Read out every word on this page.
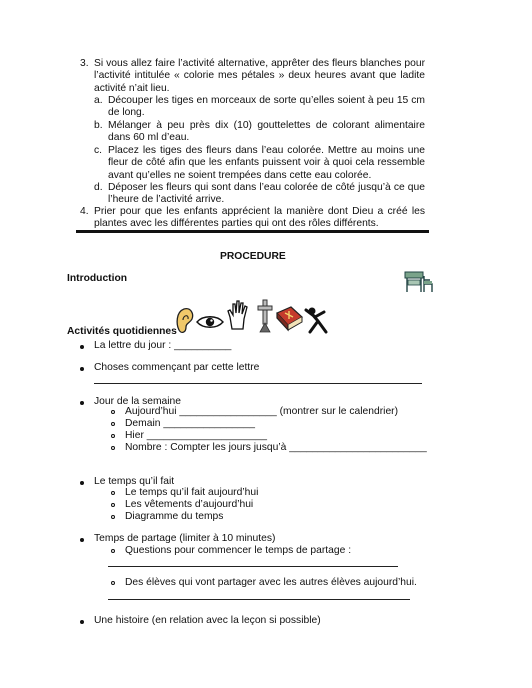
3. Si vous allez faire l’activité alternative, apprêter des fleurs blanches pour l’activité intitulée « colorie mes pétales » deux heures avant que ladite activité n’ait lieu.
a. Découper les tiges en morceaux de sorte qu’elles soient à peu 15 cm de long.
b. Mélanger à peu près dix (10) gouttelettes de colorant alimentaire dans 60 ml d’eau.
c. Placez les tiges des fleurs dans l’eau colorée. Mettre au moins une fleur de côté afin que les enfants puissent voir à quoi cela ressemble avant qu’elles ne soient trempées dans cette eau colorée.
d. Déposer les fleurs qui sont dans l’eau colorée de côté jusqu’à ce que l’heure de l’activité arrive.
4. Prier pour que les enfants apprécient la manière dont Dieu a créé les plantes avec les différentes parties qui ont des rôles différents.
PROCEDURE
Introduction
Activités quotidiennes
La lettre du jour : __________
Choses commençant par cette lettre
Jour de la semaine
Aujourd’hui _________________ (montrer sur le calendrier)
Demain ________________
Hier _____________________
Nombre : Compter les jours jusqu’à ________________________
Le temps qu’il fait
Le temps qu’il fait aujourd’hui
Les vêtements d’aujourd’hui
Diagramme du temps
Temps de partage (limiter à 10 minutes)
Questions pour commencer le temps de partage :
Des élèves qui vont partager avec les autres élèves aujourd’hui.
Une histoire (en relation avec la leçon si possible)
